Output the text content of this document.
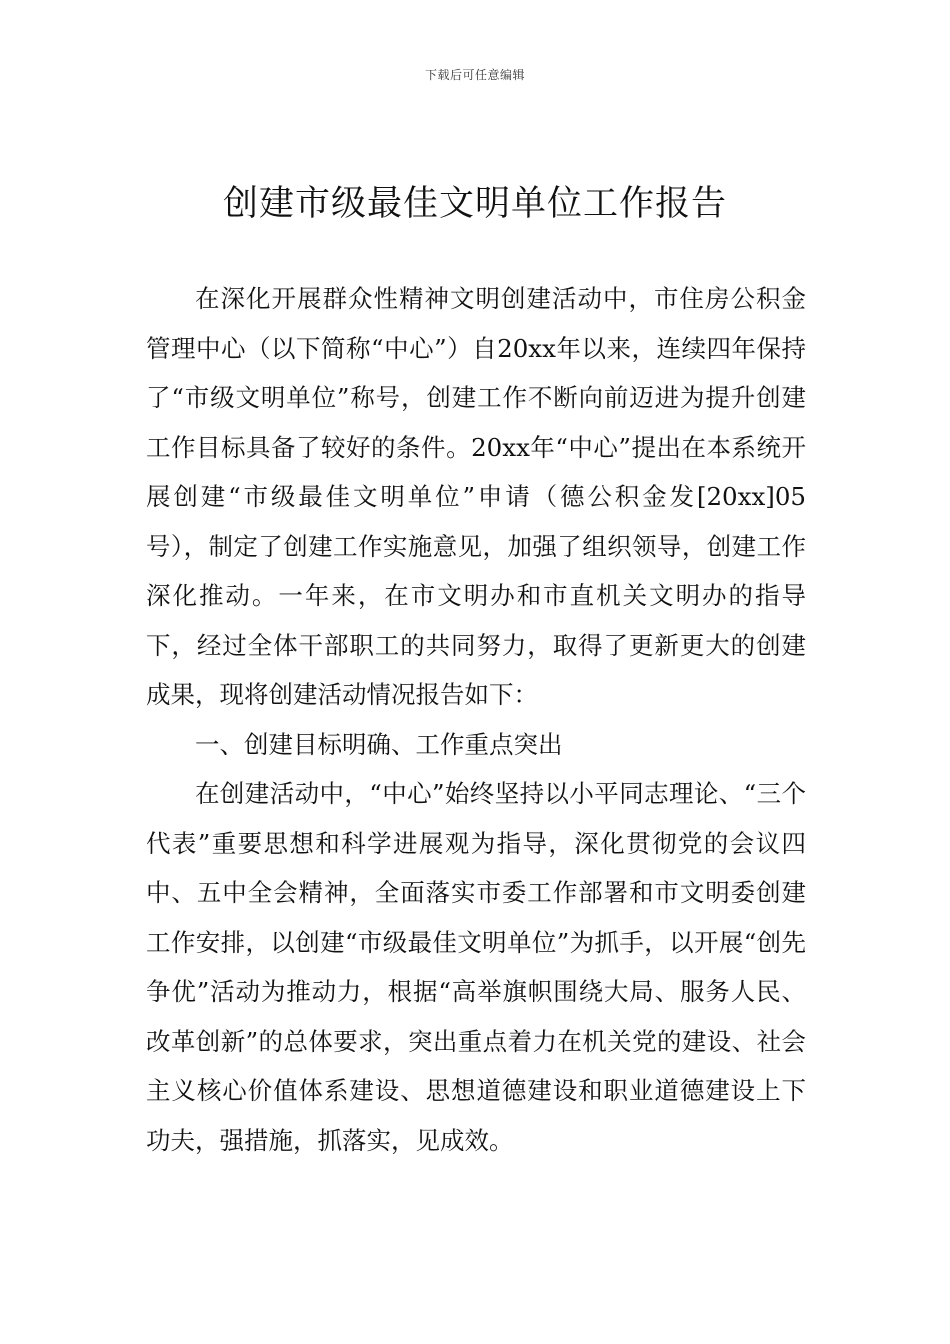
下载后可任意编辑
创建市级最佳文明单位工作报告

在深化开展群众性精神文明创建活动中，市住房公积金管理中心（以下简称“中心”）自20xx年以来，连续四年保持了“市级文明单位”称号，创建工作不断向前迈进为提升创建工作目标具备了较好的条件。20xx年“中心”提出在本系统开展创建“市级最佳文明单位”申请（德公积金发[20xx]05号），制定了创建工作实施意见，加强了组织领导，创建工作深化推动。一年来，在市文明办和市直机关文明办的指导下，经过全体干部职工的共同努力，取得了更新更大的创建成果，现将创建活动情况报告如下：

一、创建目标明确、工作重点突出

在创建活动中，“中心”始终坚持以小平同志理论、“三个代表”重要思想和科学进展观为指导，深化贯彻党的会议四中、五中全会精神，全面落实市委工作部署和市文明委创建工作安排，以创建“市级最佳文明单位”为抓手，以开展“创先争优”活动为推动力，根据“高举旗帜围绕大局、服务人民、改革创新”的总体要求，突出重点着力在机关党的建设、社会主义核心价值体系建设、思想道德建设和职业道德建设上下功夫，强措施，抓落实，见成效。
